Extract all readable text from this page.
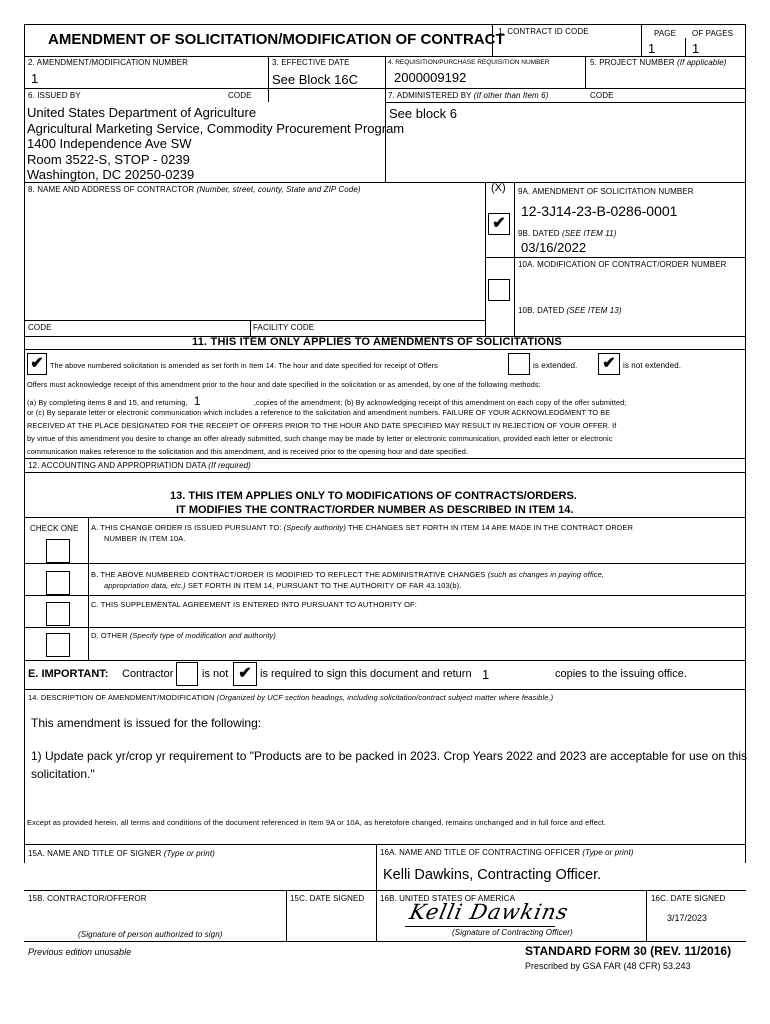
AMENDMENT OF SOLICITATION/MODIFICATION OF CONTRACT
1. CONTRACT ID CODE	PAGE OF PAGES
1	1
2. AMENDMENT/MODIFICATION NUMBER
1
3. EFFECTIVE DATE
See Block 16C
4. REQUISITION/PURCHASE REQUISITION NUMBER
2000009192
5. PROJECT NUMBER (If applicable)
6. ISSUED BY	CODE	7. ADMINISTERED BY (If other than Item 6)	CODE
United States Department of Agriculture
Agricultural Marketing Service, Commodity Procurement Program
1400 Independence Ave SW
Room 3522-S, STOP - 0239
Washington, DC 20250-0239
See block 6
8. NAME AND ADDRESS OF CONTRACTOR (Number, street, county, State and ZIP Code)	(X)
✔
9A. AMENDMENT OF SOLICITATION NUMBER
12-3J14-23-B-0286-0001
9B. DATED (SEE ITEM 11)
03/16/2022
10A. MODIFICATION OF CONTRACT/ORDER NUMBER
10B. DATED (SEE ITEM 13)
CODE	FACILITY CODE
11. THIS ITEM ONLY APPLIES TO AMENDMENTS OF SOLICITATIONS
✔ The above numbered solicitation is amended as set forth in Item 14. The hour and date specified for receipt of Offers	is extended. ✔ is not extended.
Offers must acknowledge receipt of this amendment prior to the hour and date specified in the solicitation or as amended, by one of the following methods:
(a) By completing items 8 and 15, and returning, 1	,copies of the amendment; (b) By acknowledging receipt of this amendment on each copy of the offer submitted;
or (c) By separate letter or electronic communication which includes a reference to the solicitation and amendment numbers. FAILURE OF YOUR ACKNOWLEDGMENT TO BE
RECEIVED AT THE PLACE DESIGNATED FOR THE RECEIPT OF OFFERS PRIOR TO THE HOUR AND DATE SPECIFIED MAY RESULT IN REJECTION OF YOUR OFFER. If
by virtue of this amendment you desire to change an offer already submitted, such change may be made by letter or electronic communication, provided each letter or electronic
communication makes reference to the solicitation and this amendment, and is received prior to the opening hour and date specified.
12. ACCOUNTING AND APPROPRIATION DATA (If required)
13. THIS ITEM APPLIES ONLY TO MODIFICATIONS OF CONTRACTS/ORDERS.
IT MODIFIES THE CONTRACT/ORDER NUMBER AS DESCRIBED IN ITEM 14.
CHECK ONE A. THIS CHANGE ORDER IS ISSUED PURSUANT TO: (Specify authority) THE CHANGES SET FORTH IN ITEM 14 ARE MADE IN THE CONTRACT ORDER
NUMBER IN ITEM 10A.
B. THE ABOVE NUMBERED CONTRACT/ORDER IS MODIFIED TO REFLECT THE ADMINISTRATIVE CHANGES (such as changes in paying office,
appropriation data, etc.) SET FORTH IN ITEM 14, PURSUANT TO THE AUTHORITY OF FAR 43.103(b).
C. THIS SUPPLEMENTAL AGREEMENT IS ENTERED INTO PURSUANT TO AUTHORITY OF:
D. OTHER (Specify type of modification and authority)
E. IMPORTANT: Contractor	is not ✔ is required to sign this document and return 1	copies to the issuing office.
14. DESCRIPTION OF AMENDMENT/MODIFICATION (Organized by UCF section headings, including solicitation/contract subject matter where feasible.)
This amendment is issued for the following:
1) Update pack yr/crop yr requirement to "Products are to be packed in 2023. Crop Years 2022 and 2023 are acceptable for use on this
solicitation."
Except as provided herein, all terms and conditions of the document referenced in Item 9A or 10A, as heretofore changed, remains unchanged and in full force and effect.
15A. NAME AND TITLE OF SIGNER (Type or print)	16A. NAME AND TITLE OF CONTRACTING OFFICER (Type or print)
Kelli Dawkins, Contracting Officer.
15B. CONTRACTOR/OFFEROR	15C. DATE SIGNED 16B. UNITED STATES OF AMERICA	16C. DATE SIGNED
3/17/2023
Kelli Dawkins
(Signature of person authorized to sign)	(Signature of Contracting Officer)
Previous edition unusable	STANDARD FORM 30 (REV. 11/2016)
Prescribed by GSA FAR (48 CFR) 53.243
